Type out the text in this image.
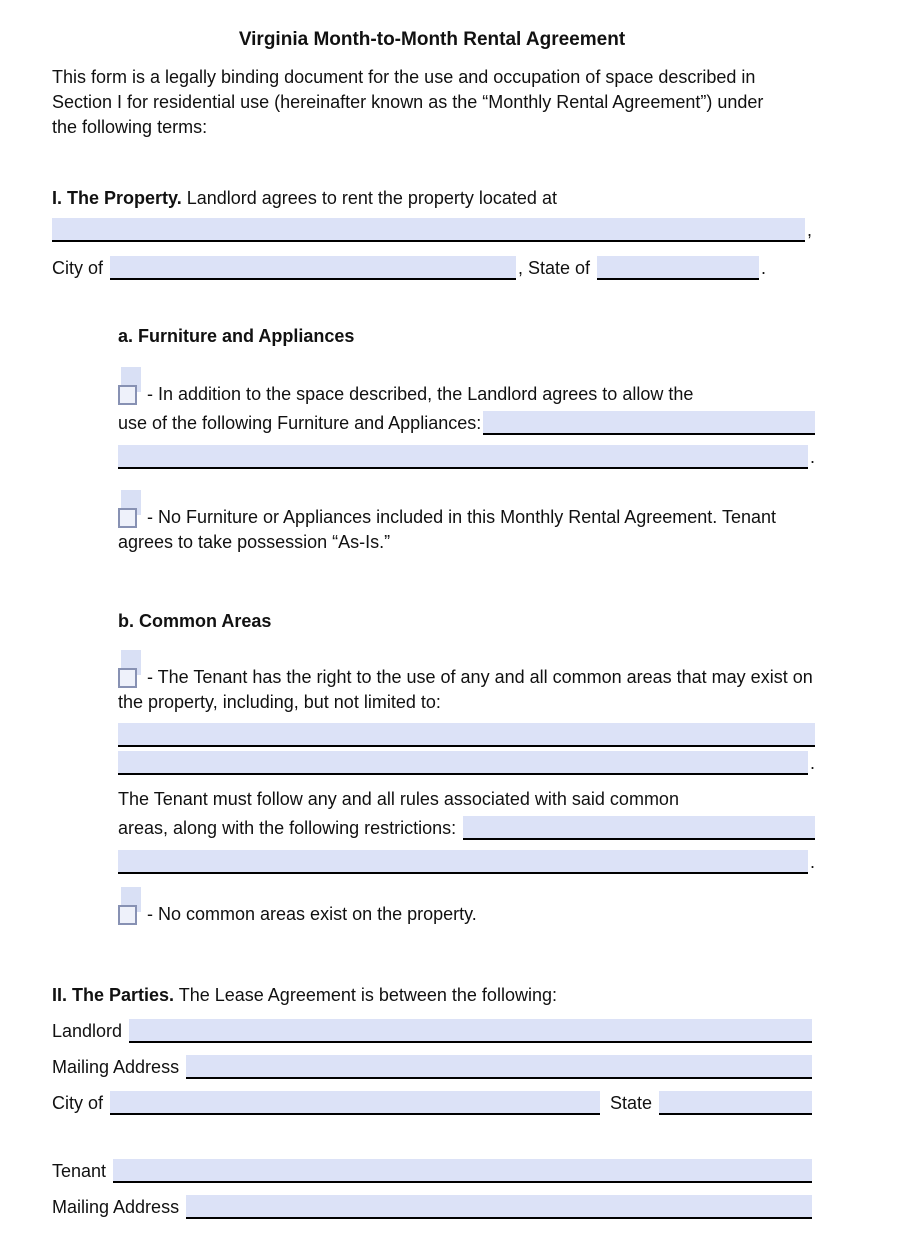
Virginia Month-to-Month Rental Agreement

This form is a legally binding document for the use and occupation of space described in Section I for residential use (hereinafter known as the “Monthly Rental Agreement”) under the following terms:

I. The Property. Landlord agrees to rent the property located at

,
City of	, State of	.
a. Furniture and Appliances
- In addition to the space described, the Landlord agrees to allow the
use of the following Furniture and Appliances:
.

- No Furniture or Appliances included in this Monthly Rental Agreement. Tenant agrees to take possession “As-Is.”

b. Common Areas

- The Tenant has the right to the use of any and all common areas that may exist on the property, including, but not limited to:

.

The Tenant must follow any and all rules associated with said common

areas, along with the following restrictions:
.

- No common areas exist on the property.

II. The Parties. The Lease Agreement is between the following:

Landlord
Mailing Address
City of	State
Tenant
Mailing Address
